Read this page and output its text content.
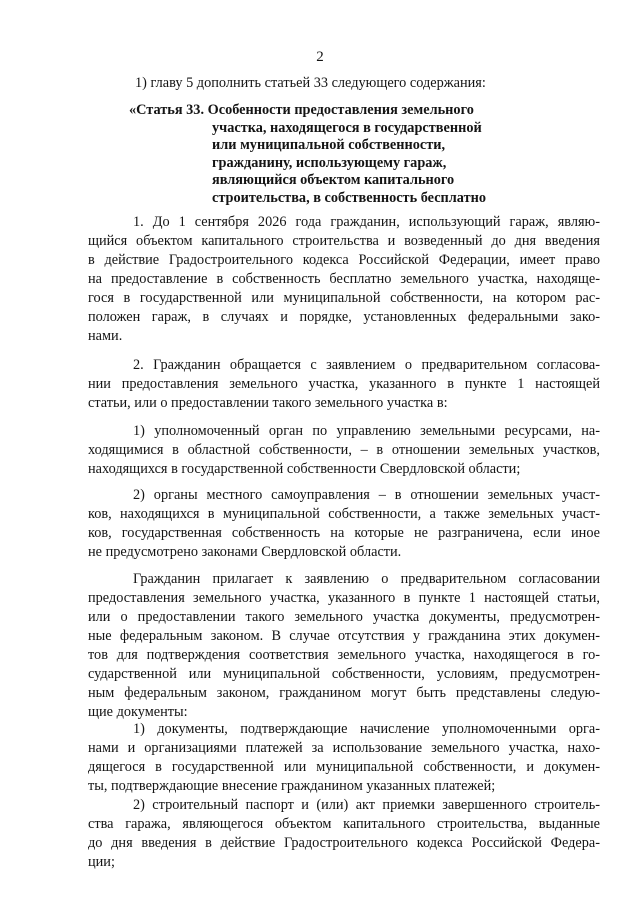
2

1) главу 5 дополнить статьей 33 следующего содержания:

«Статья 33. Особенности предоставления земельного

участка, находящегося в государственной

или муниципальной собственности,

гражданину, использующему гараж,

являющийся объектом капитального

строительства, в собственность бесплатно

1. До 1 сентября 2026 года гражданин, использующий гараж, являю-

щийся объектом капитального строительства и возведенный до дня введения

в действие Градостроительного кодекса Российской Федерации, имеет право

на предоставление в собственность бесплатно земельного участка, находяще-

гося в государственной или муниципальной собственности, на котором рас-

положен гараж, в случаях и порядке, установленных федеральными зако-

нами.

2. Гражданин обращается с заявлением о предварительном согласова-

нии предоставления земельного участка, указанного в пункте 1 настоящей

статьи, или о предоставлении такого земельного участка в:

1) уполномоченный орган по управлению земельными ресурсами, на-

ходящимися в областной собственности, – в отношении земельных участков,

находящихся в государственной собственности Свердловской области;

2) органы местного самоуправления – в отношении земельных участ-

ков, находящихся в муниципальной собственности, а также земельных участ-

ков, государственная собственность на которые не разграничена, если иное

не предусмотрено законами Свердловской области.

Гражданин прилагает к заявлению о предварительном согласовании

предоставления земельного участка, указанного в пункте 1 настоящей статьи,

или о предоставлении такого земельного участка документы, предусмотрен-

ные федеральным законом. В случае отсутствия у гражданина этих докумен-

тов для подтверждения соответствия земельного участка, находящегося в го-

сударственной или муниципальной собственности, условиям, предусмотрен-

ным федеральным законом, гражданином могут быть представлены следую-

щие документы:

1) документы, подтверждающие начисление уполномоченными орга-

нами и организациями платежей за использование земельного участка, нахо-

дящегося в государственной или муниципальной собственности, и докумен-

ты, подтверждающие внесение гражданином указанных платежей;

2) строительный паспорт и (или) акт приемки завершенного строитель-

ства гаража, являющегося объектом капитального строительства, выданные

до дня введения в действие Градостроительного кодекса Российской Федера-

ции;
